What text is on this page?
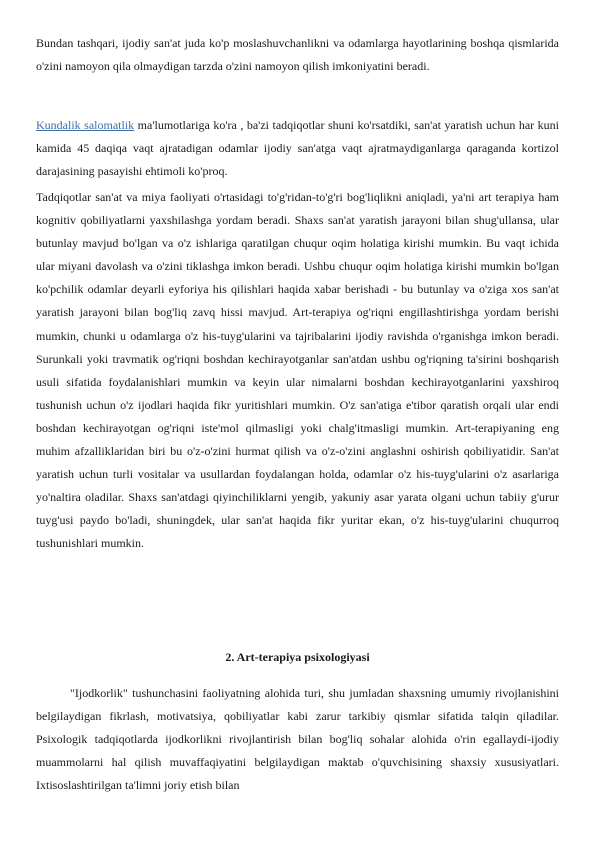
Bundan tashqari, ijodiy san'at juda ko'p moslashuvchanlikni va odamlarga hayotlarining boshqa qismlarida o'zini namoyon qila olmaydigan tarzda o'zini namoyon qilish imkoniyatini beradi.

Kundalik salomatlik ma'lumotlariga ko'ra , ba'zi tadqiqotlar shuni ko'rsatdiki, san'at yaratish uchun har kuni kamida 45 daqiqa vaqt ajratadigan odamlar ijodiy san'atga vaqt ajratmaydiganlarga qaraganda kortizol darajasining pasayishi ehtimoli ko'proq.

Tadqiqotlar san'at va miya faoliyati o'rtasidagi to'g'ridan-to'g'ri bog'liqlikni aniqladi, ya'ni art terapiya ham kognitiv qobiliyatlarni yaxshilashga yordam beradi. Shaxs san'at yaratish jarayoni bilan shug'ullansa, ular butunlay mavjud bo'lgan va o'z ishlariga qaratilgan chuqur oqim holatiga kirishi mumkin. Bu vaqt ichida ular miyani davolash va o'zini tiklashga imkon beradi. Ushbu chuqur oqim holatiga kirishi mumkin bo'lgan ko'pchilik odamlar deyarli eyforiya his qilishlari haqida xabar berishadi - bu butunlay va o'ziga xos san'at yaratish jarayoni bilan bog'liq zavq hissi mavjud. Art-terapiya og'riqni engillashtirishga yordam berishi mumkin, chunki u odamlarga o'z his-tuyg'ularini va tajribalarini ijodiy ravishda o'rganishga imkon beradi. Surunkali yoki travmatik og'riqni boshdan kechirayotganlar san'atdan ushbu og'riqning ta'sirini boshqarish usuli sifatida foydalanishlari mumkin va keyin ular nimalarni boshdan kechirayotganlarini yaxshiroq tushunish uchun o'z ijodlari haqida fikr yuritishlari mumkin. O'z san'atiga e'tibor qaratish orqali ular endi boshdan kechirayotgan og'riqni iste'mol qilmasligi yoki chalg'itmasligi mumkin. Art-terapiyaning eng muhim afzalliklaridan biri bu o'z-o'zini hurmat qilish va o'z-o'zini anglashni oshirish qobiliyatidir. San'at yaratish uchun turli vositalar va usullardan foydalangan holda, odamlar o'z his-tuyg'ularini o'z asarlariga yo'naltira oladilar. Shaxs san'atdagi qiyinchiliklarni yengib, yakuniy asar yarata olgani uchun tabiiy g'urur tuyg'usi paydo bo'ladi, shuningdek, ular san'at haqida fikr yuritar ekan, o'z his-tuyg'ularini chuqurroq tushunishlari mumkin.

2. Art-terapiya psixologiyasi

"Ijodkorlik" tushunchasini faoliyatning alohida turi, shu jumladan shaxsning umumiy rivojlanishini belgilaydigan fikrlash, motivatsiya, qobiliyatlar kabi zarur tarkibiy qismlar sifatida talqin qiladilar. Psixologik tadqiqotlarda ijodkorlikni rivojlantirish bilan bog'liq sohalar alohida o'rin egallaydi-ijodiy muammolarni hal qilish muvaffaqiyatini belgilaydigan maktab o'quvchisining shaxsiy xususiyatlari. Ixtisoslashtirilgan ta'limni joriy etish bilan
